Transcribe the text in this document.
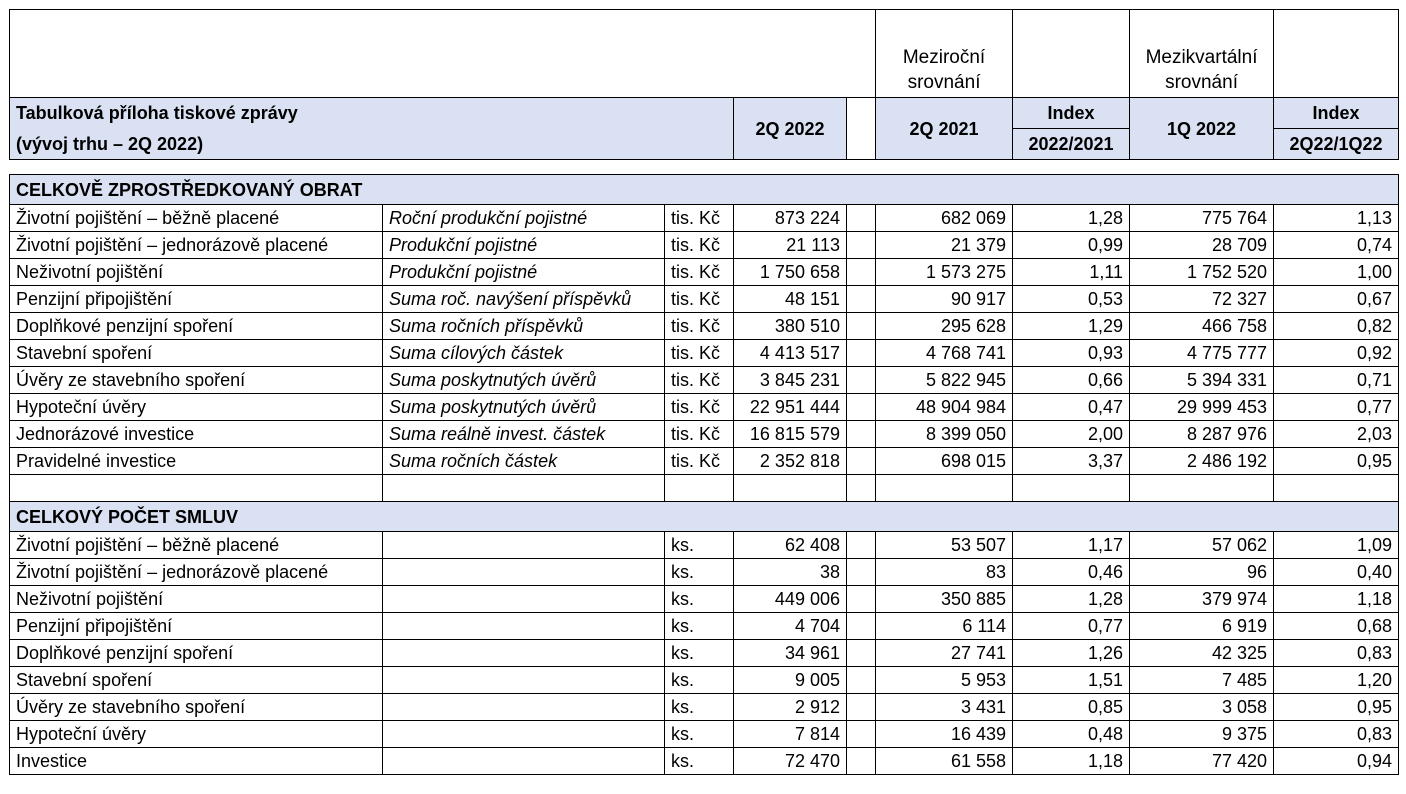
					Meziroční srovnání		Mezikvartální srovnání	
Tabulková příloha tiskové zprávy			2Q 2022		2Q 2021	Index	1Q 2022	Index
(vývoj trhu – 2Q 2022)						2022/2021		2Q22/1Q22

CELKOVĚ ZPROSTŘEDKOVANÝ OBRAT								
Životní pojištění – běžně placené	Roční produkční pojistné	tis. Kč	873 224		682 069	1,28	775 764	1,13
Životní pojištění – jednorázově placené	Produkční pojistné	tis. Kč	21 113		21 379	0,99	28 709	0,74
Neživotní pojištění	Produkční pojistné	tis. Kč	1 750 658		1 573 275	1,11	1 752 520	1,00
Penzijní připojištění	Suma roč. navýšení příspěvků	tis. Kč	48 151		90 917	0,53	72 327	0,67
Doplňkové penzijní spoření	Suma ročních příspěvků	tis. Kč	380 510		295 628	1,29	466 758	0,82
Stavební spoření	Suma cílových částek	tis. Kč	4 413 517		4 768 741	0,93	4 775 777	0,92
Úvěry ze stavebního spoření	Suma poskytnutých úvěrů	tis. Kč	3 845 231		5 822 945	0,66	5 394 331	0,71
Hypoteční úvěry	Suma poskytnutých úvěrů	tis. Kč	22 951 444		48 904 984	0,47	29 999 453	0,77
Jednorázové investice	Suma reálně invest. částek	tis. Kč	16 815 579		8 399 050	2,00	8 287 976	2,03
Pravidelné investice	Suma ročních částek	tis. Kč	2 352 818		698 015	3,37	2 486 192	0,95

CELKOVÝ POČET SMLUV								
Životní pojištění – běžně placené		ks.	62 408		53 507	1,17	57 062	1,09
Životní pojištění – jednorázově placené		ks.	38		83	0,46	96	0,40
Neživotní pojištění		ks.	449 006		350 885	1,28	379 974	1,18
Penzijní připojištění		ks.	4 704		6 114	0,77	6 919	0,68
Doplňkové penzijní spoření		ks.	34 961		27 741	1,26	42 325	0,83
Stavební spoření		ks.	9 005		5 953	1,51	7 485	1,20
Úvěry ze stavebního spoření		ks.	2 912		3 431	0,85	3 058	0,95
Hypoteční úvěry		ks.	7 814		16 439	0,48	9 375	0,83
Investice		ks.	72 470		61 558	1,18	77 420	0,94
